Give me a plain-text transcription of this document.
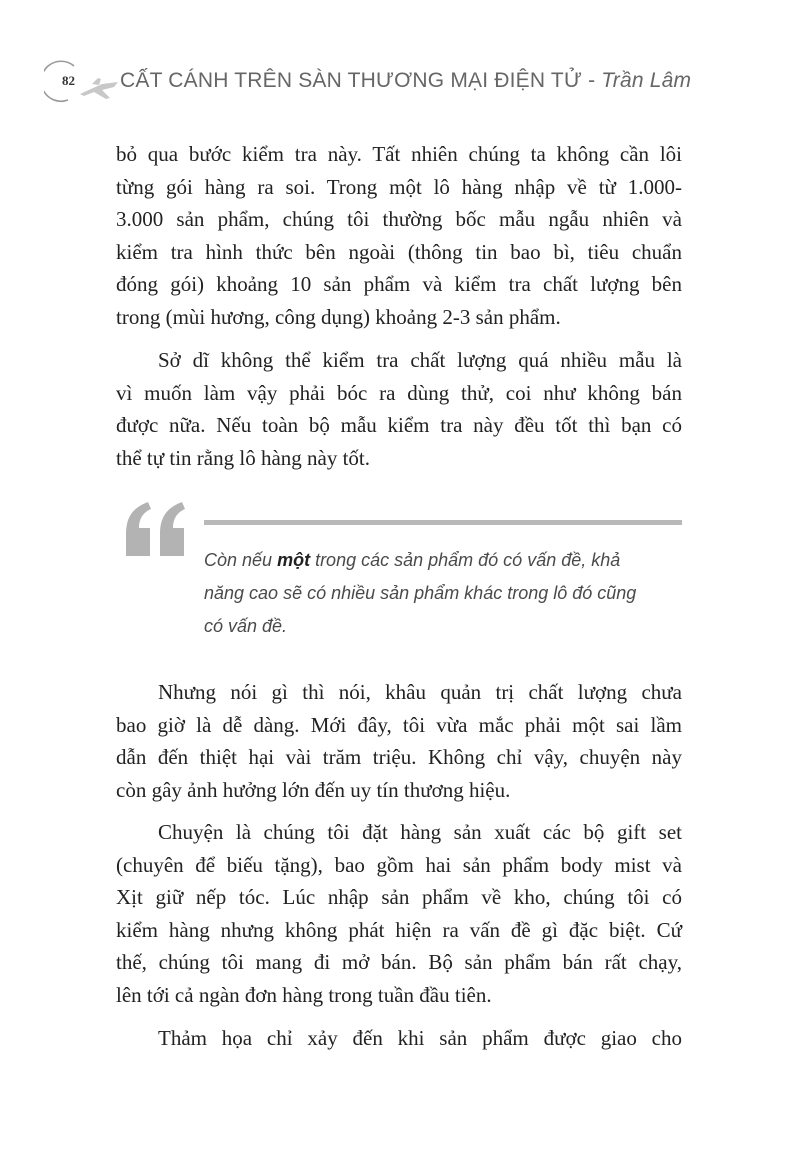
82 CẤT CÁNH TRÊN SÀN THƯƠNG MẠI ĐIỆN TỬ - Trần Lâm
bỏ qua bước kiểm tra này. Tất nhiên chúng ta không cần lôi
từng gói hàng ra soi. Trong một lô hàng nhập về từ 1.000-
3.000 sản phẩm, chúng tôi thường bốc mẫu ngẫu nhiên và
kiểm tra hình thức bên ngoài (thông tin bao bì, tiêu chuẩn
đóng gói) khoảng 10 sản phẩm và kiểm tra chất lượng bên
trong (mùi hương, công dụng) khoảng 2-3 sản phẩm.
Sở dĩ không thể kiểm tra chất lượng quá nhiều mẫu là
vì muốn làm vậy phải bóc ra dùng thử, coi như không bán
được nữa. Nếu toàn bộ mẫu kiểm tra này đều tốt thì bạn có
thể tự tin rằng lô hàng này tốt.
Còn nếu một trong các sản phẩm đó có vấn đề, khả
năng cao sẽ có nhiều sản phẩm khác trong lô đó cũng
có vấn đề.
Nhưng nói gì thì nói, khâu quản trị chất lượng chưa
bao giờ là dễ dàng. Mới đây, tôi vừa mắc phải một sai lầm
dẫn đến thiệt hại vài trăm triệu. Không chỉ vậy, chuyện này
còn gây ảnh hưởng lớn đến uy tín thương hiệu.
Chuyện là chúng tôi đặt hàng sản xuất các bộ gift set
(chuyên để biếu tặng), bao gồm hai sản phẩm body mist và
Xịt giữ nếp tóc. Lúc nhập sản phẩm về kho, chúng tôi có
kiểm hàng nhưng không phát hiện ra vấn đề gì đặc biệt. Cứ
thế, chúng tôi mang đi mở bán. Bộ sản phẩm bán rất chạy,
lên tới cả ngàn đơn hàng trong tuần đầu tiên.
Thảm họa chỉ xảy đến khi sản phẩm được giao cho
